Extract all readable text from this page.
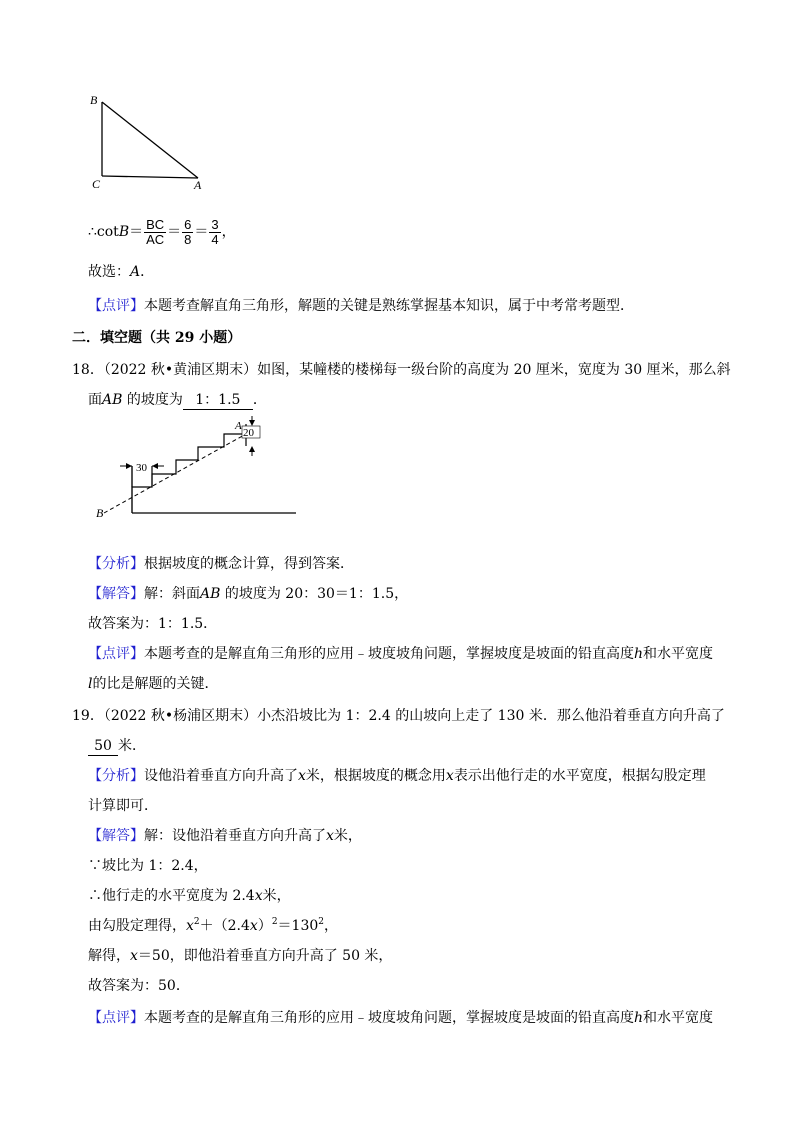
B
C	A
∴cotB＝ $\frac{BC}{AC} = \frac{6}{8} = \frac{3}{4}$ ，
故选：A．
【点评】本题考查解直角三角形，解题的关键是熟练掌握基本知识，属于中考常考题型．
二．填空题（共 29 小题）
18．（2022 秋•黄浦区期末）如图，某幢楼的楼梯每一级台阶的高度为 20 厘米，宽度为 30 厘米，那么斜
面AB 的坡度为 1：1.5 ．
30
20
A
B
【分析】根据坡度的概念计算，得到答案．
【解答】解：斜面AB 的坡度为 20：30＝1：1.5，
故答案为：1：1.5．
【点评】本题考查的是解直角三角形的应用﹣坡度坡角问题，掌握坡度是坡面的铅直高度h和水平宽度
l的比是解题的关键．
19．（2022 秋•杨浦区期末）小杰沿坡比为 1：2.4 的山坡向上走了 130 米．那么他沿着垂直方向升高了
50 米．
【分析】设他沿着垂直方向升高了x米，根据坡度的概念用x表示出他行走的水平宽度，根据勾股定理
计算即可．
【解答】解：设他沿着垂直方向升高了x米，
∵坡比为 1：2.4，
∴他行走的水平宽度为 2.4x米，
由勾股定理得，$x^2+(2.4x)^2=130^2$，
解得，x＝50，即他沿着垂直方向升高了 50 米，
故答案为：50．
【点评】本题考查的是解直角三角形的应用﹣坡度坡角问题，掌握坡度是坡面的铅直高度h和水平宽度
